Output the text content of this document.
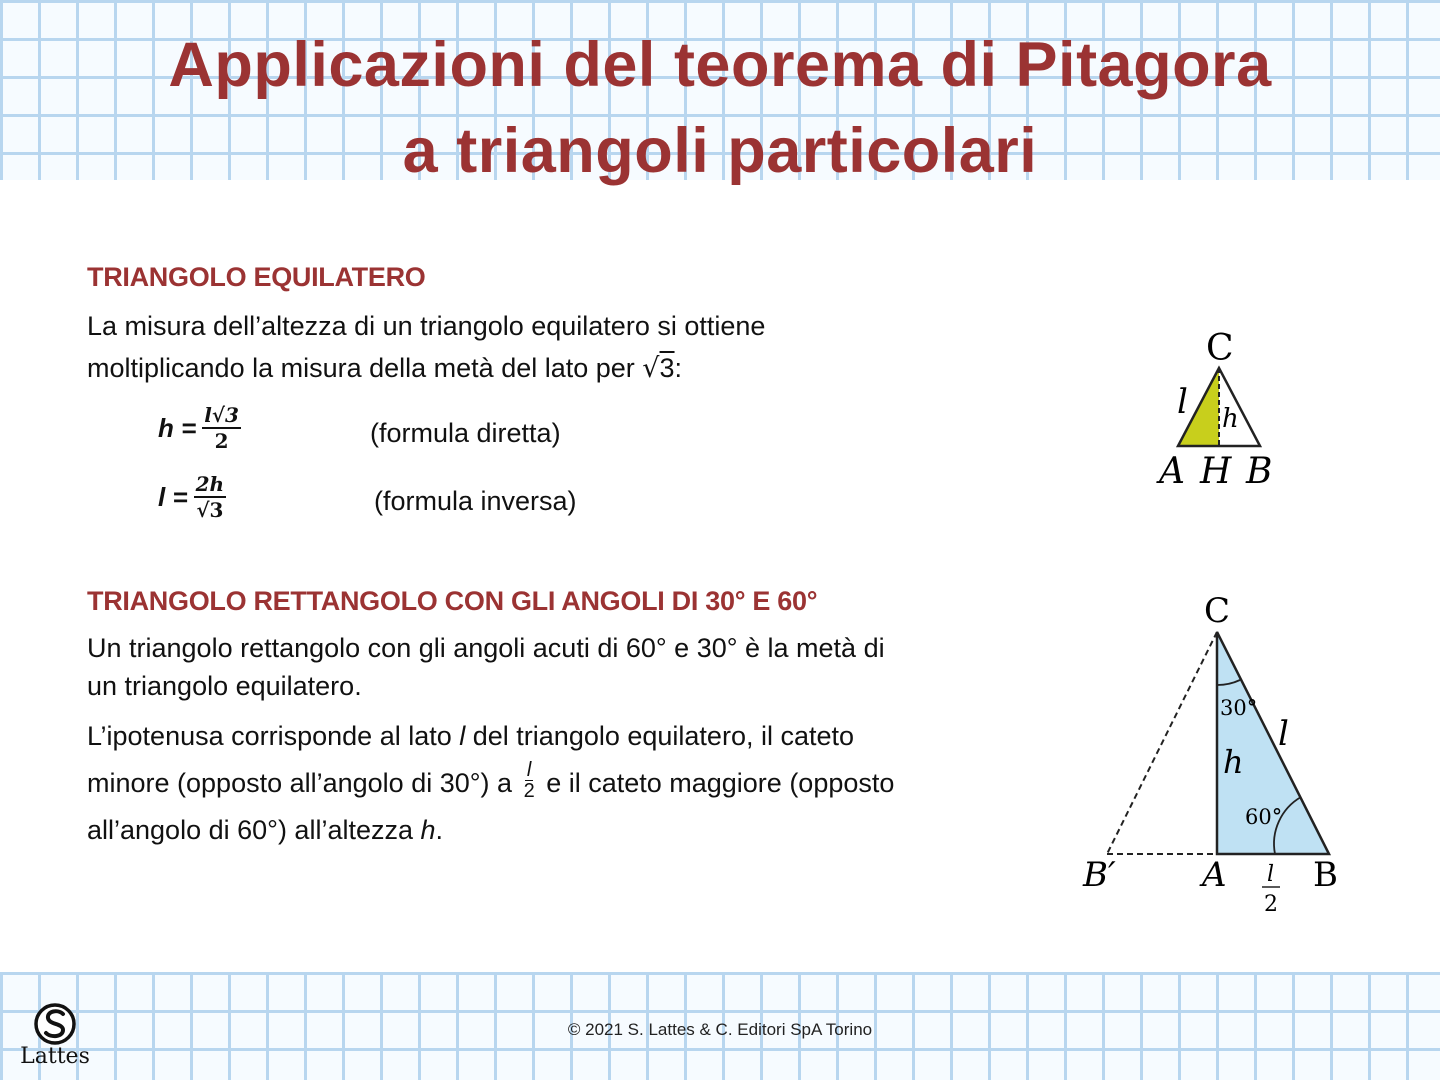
Applicazioni del teorema di Pitagora
a triangoli particolari
TRIANGOLO EQUILATERO

La misura dell’altezza di un triangolo equilatero si ottiene
moltiplicando la misura della metà del lato per √3:

$h = \frac{l√3}{2}$	(formula diretta)
$l = \frac{2h}{√3}$	(formula inversa)
C
l h
A H B
TRIANGOLO RETTANGOLO CON GLI ANGOLI DI 30° E 60°

Un triangolo rettangolo con gli angoli acuti di 60° e 30° è la metà di
un triangolo equilatero.

L’ipotenusa corrisponde al lato l del triangolo equilatero, il cateto
minore (opposto all’angolo di 30°) a $\frac{l}{2}$ e il cateto maggiore (opposto
all’angolo di 60°) all’altezza h.

C
30°
l
h
60°
B′	A l
2
B

Lattes

© 2021 S. Lattes & C. Editori SpA Torino
